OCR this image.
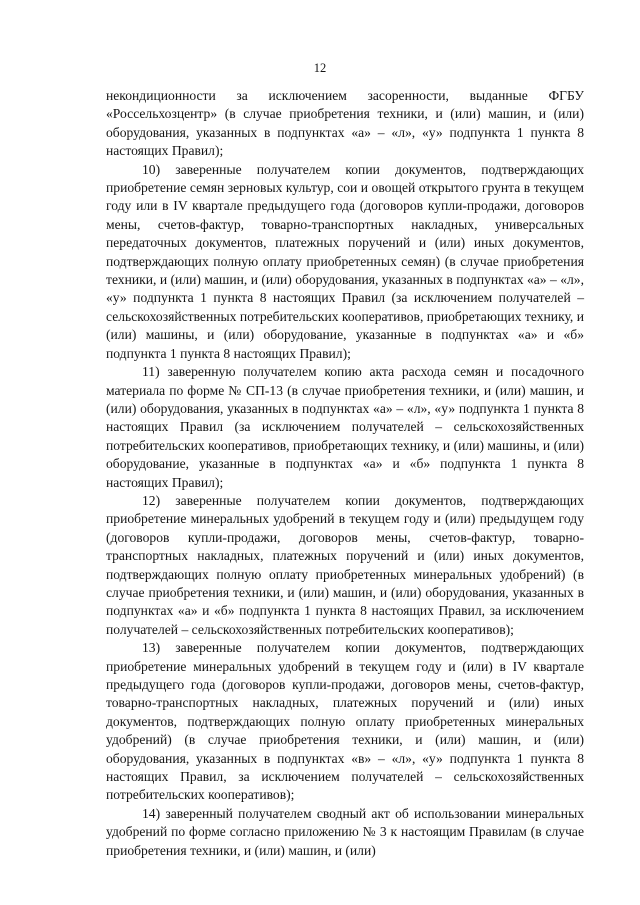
12

некондиционности за исключением засоренности, выданные ФГБУ «Россельхозцентр» (в случае приобретения техники, и (или) машин, и (или) оборудования, указанных в подпунктах «а» – «л», «у» подпункта 1 пункта 8 настоящих Правил);

10) заверенные получателем копии документов, подтверждающих приобретение семян зерновых культур, сои и овощей открытого грунта в текущем году или в IV квартале предыдущего года (договоров купли-продажи, договоров мены, счетов-фактур, товарно-транспортных накладных, универсальных передаточных документов, платежных поручений и (или) иных документов, подтверждающих полную оплату приобретенных семян) (в случае приобретения техники, и (или) машин, и (или) оборудования, указанных в подпунктах «а» – «л», «у» подпункта 1 пункта 8 настоящих Правил (за исключением получателей – сельскохозяйственных потребительских кооперативов, приобретающих технику, и (или) машины, и (или) оборудование, указанные в подпунктах «а» и «б» подпункта 1 пункта 8 настоящих Правил);

11) заверенную получателем копию акта расхода семян и посадочного материала по форме № СП-13 (в случае приобретения техники, и (или) машин, и (или) оборудования, указанных в подпунктах «а» – «л», «у» подпункта 1 пункта 8 настоящих Правил (за исключением получателей – сельскохозяйственных потребительских кооперативов, приобретающих технику, и (или) машины, и (или) оборудование, указанные в подпунктах «а» и «б» подпункта 1 пункта 8 настоящих Правил);

12) заверенные получателем копии документов, подтверждающих приобретение минеральных удобрений в текущем году и (или) предыдущем году (договоров купли-продажи, договоров мены, счетов-фактур, товарно-транспортных накладных, платежных поручений и (или) иных документов, подтверждающих полную оплату приобретенных минеральных удобрений) (в случае приобретения техники, и (или) машин, и (или) оборудования, указанных в подпунктах «а» и «б» подпункта 1 пункта 8 настоящих Правил, за исключением получателей – сельскохозяйственных потребительских кооперативов);

13) заверенные получателем копии документов, подтверждающих приобретение минеральных удобрений в текущем году и (или) в IV квартале предыдущего года (договоров купли-продажи, договоров мены, счетов-фактур, товарно-транспортных накладных, платежных поручений и (или) иных документов, подтверждающих полную оплату приобретенных минеральных удобрений) (в случае приобретения техники, и (или) машин, и (или) оборудования, указанных в подпунктах «в» – «л», «у» подпункта 1 пункта 8 настоящих Правил, за исключением получателей – сельскохозяйственных потребительских кооперативов);

14) заверенный получателем сводный акт об использовании минеральных удобрений по форме согласно приложению № 3 к настоящим Правилам (в случае приобретения техники, и (или) машин, и (или)
